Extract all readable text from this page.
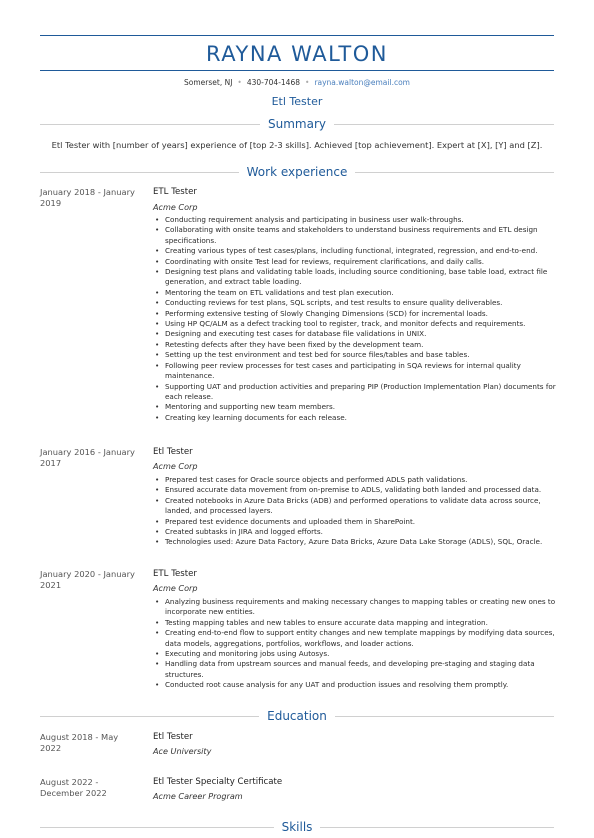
RAYNA WALTON
Somerset, NJ • 430-704-1468 • rayna.walton@email.com
Etl Tester
Summary
Etl Tester with [number of years] experience of [top 2-3 skills]. Achieved [top achievement]. Expert at [X], [Y] and [Z].
Work experience
January 2018 - January 2019
ETL Tester
Acme Corp
• Conducting requirement analysis and participating in business user walk-throughs.
• Collaborating with onsite teams and stakeholders to understand business requirements and ETL design specifications.
• Creating various types of test cases/plans, including functional, integrated, regression, and end-to-end.
• Coordinating with onsite Test lead for reviews, requirement clarifications, and daily calls.
• Designing test plans and validating table loads, including source conditioning, base table load, extract file generation, and extract table loading.
• Mentoring the team on ETL validations and test plan execution.
• Conducting reviews for test plans, SQL scripts, and test results to ensure quality deliverables.
• Performing extensive testing of Slowly Changing Dimensions (SCD) for incremental loads.
• Using HP QC/ALM as a defect tracking tool to register, track, and monitor defects and requirements.
• Designing and executing test cases for database file validations in UNIX.
• Retesting defects after they have been fixed by the development team.
• Setting up the test environment and test bed for source files/tables and base tables.
• Following peer review processes for test cases and participating in SQA reviews for internal quality maintenance.
• Supporting UAT and production activities and preparing PIP (Production Implementation Plan) documents for each release.
• Mentoring and supporting new team members.
• Creating key learning documents for each release.
January 2016 - January 2017
Etl Tester
Acme Corp
• Prepared test cases for Oracle source objects and performed ADLS path validations.
• Ensured accurate data movement from on-premise to ADLS, validating both landed and processed data.
• Created notebooks in Azure Data Bricks (ADB) and performed operations to validate data across source, landed, and processed layers.
• Prepared test evidence documents and uploaded them in SharePoint.
• Created subtasks in JIRA and logged efforts.
• Technologies used: Azure Data Factory, Azure Data Bricks, Azure Data Lake Storage (ADLS), SQL, Oracle.
January 2020 - January 2021
ETL Tester
Acme Corp
• Analyzing business requirements and making necessary changes to mapping tables or creating new ones to incorporate new entities.
• Testing mapping tables and new tables to ensure accurate data mapping and integration.
• Creating end-to-end flow to support entity changes and new template mappings by modifying data sources, data models, aggregations, portfolios, workflows, and loader actions.
• Executing and monitoring jobs using Autosys.
• Handling data from upstream sources and manual feeds, and developing pre-staging and staging data structures.
• Conducted root cause analysis for any UAT and production issues and resolving them promptly.
Education
August 2018 - May 2022
Etl Tester
Ace University
August 2022 - December 2022
Etl Tester Specialty Certificate
Acme Career Program
Skills
